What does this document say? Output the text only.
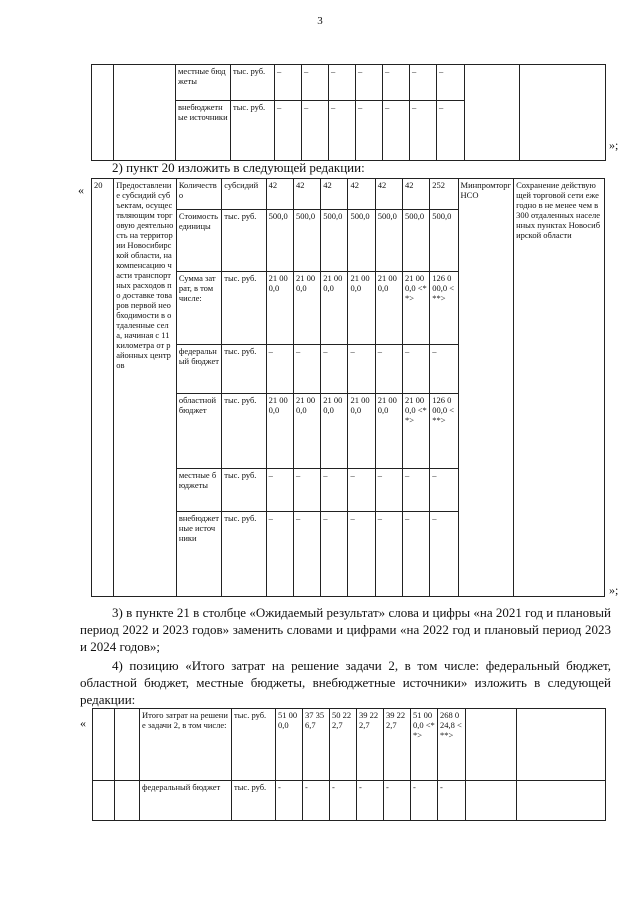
3
		местные бюджеты	тыс. руб.	–	–	–	–	–	–	–		
		внебюджетные источники	тыс. руб.	–	–	–	–	–	–	–		
»;
2) пункт 20 изложить в следующей редакции:
« 20	Предоставление субсидий субъектам, осуществляющим торговую деятельность на территории Новосибирской области, на компенсацию части транспортных расходов по доставке товаров первой необходимости в отдаленные села, начиная с 11 километра от районных центров	Количество	субсидий	42	42	42	42	42	42	252	Минпромторг НСО	Сохранение действующей торговой сети ежегодно в не менее чем в 300 отдаленных населенных пунктах Новосибирской области
		Стоимость единицы	тыс. руб.	500,0	500,0	500,0	500,0	500,0	500,0	500,0		
		Сумма затрат, в том числе:	тыс. руб.	21 000,0	21 000,0	21 000,0	21 000,0	21 000,0	21 000,0 <**>	126 000,0 <**>		
		федеральный бюджет	тыс. руб.	–	–	–	–	–	–	–		
		областной бюджет	тыс. руб.	21 000,0	21 000,0	21 000,0	21 000,0	21 000,0	21 000,0 <**>	126 000,0 <**>		
		местные бюджеты	тыс. руб.	–	–	–	–	–	–	–		
		внебюджетные источники	тыс. руб.	–	–	–	–	–	–	–		
»;
3) в пункте 21 в столбце «Ожидаемый результат» слова и цифры «на 2021 год и плановый период 2022 и 2023 годов» заменить словами и цифрами «на 2022 год и плановый период 2023 и 2024 годов»;
4) позицию «Итого затрат на решение задачи 2, в том числе: федеральный бюджет, областной бюджет, местные бюджеты, внебюджетные источники» изложить в следующей редакции:
«
		Итого затрат на решение задачи 2, в том числе:	тыс. руб.	51 000,0	37 356,7	50 222,7	39 222,7	39 222,7	51 000,0 <**>	268 024,8 <**>		
		федеральный бюджет	тыс. руб.	-	-	-	-	-	-	-		
